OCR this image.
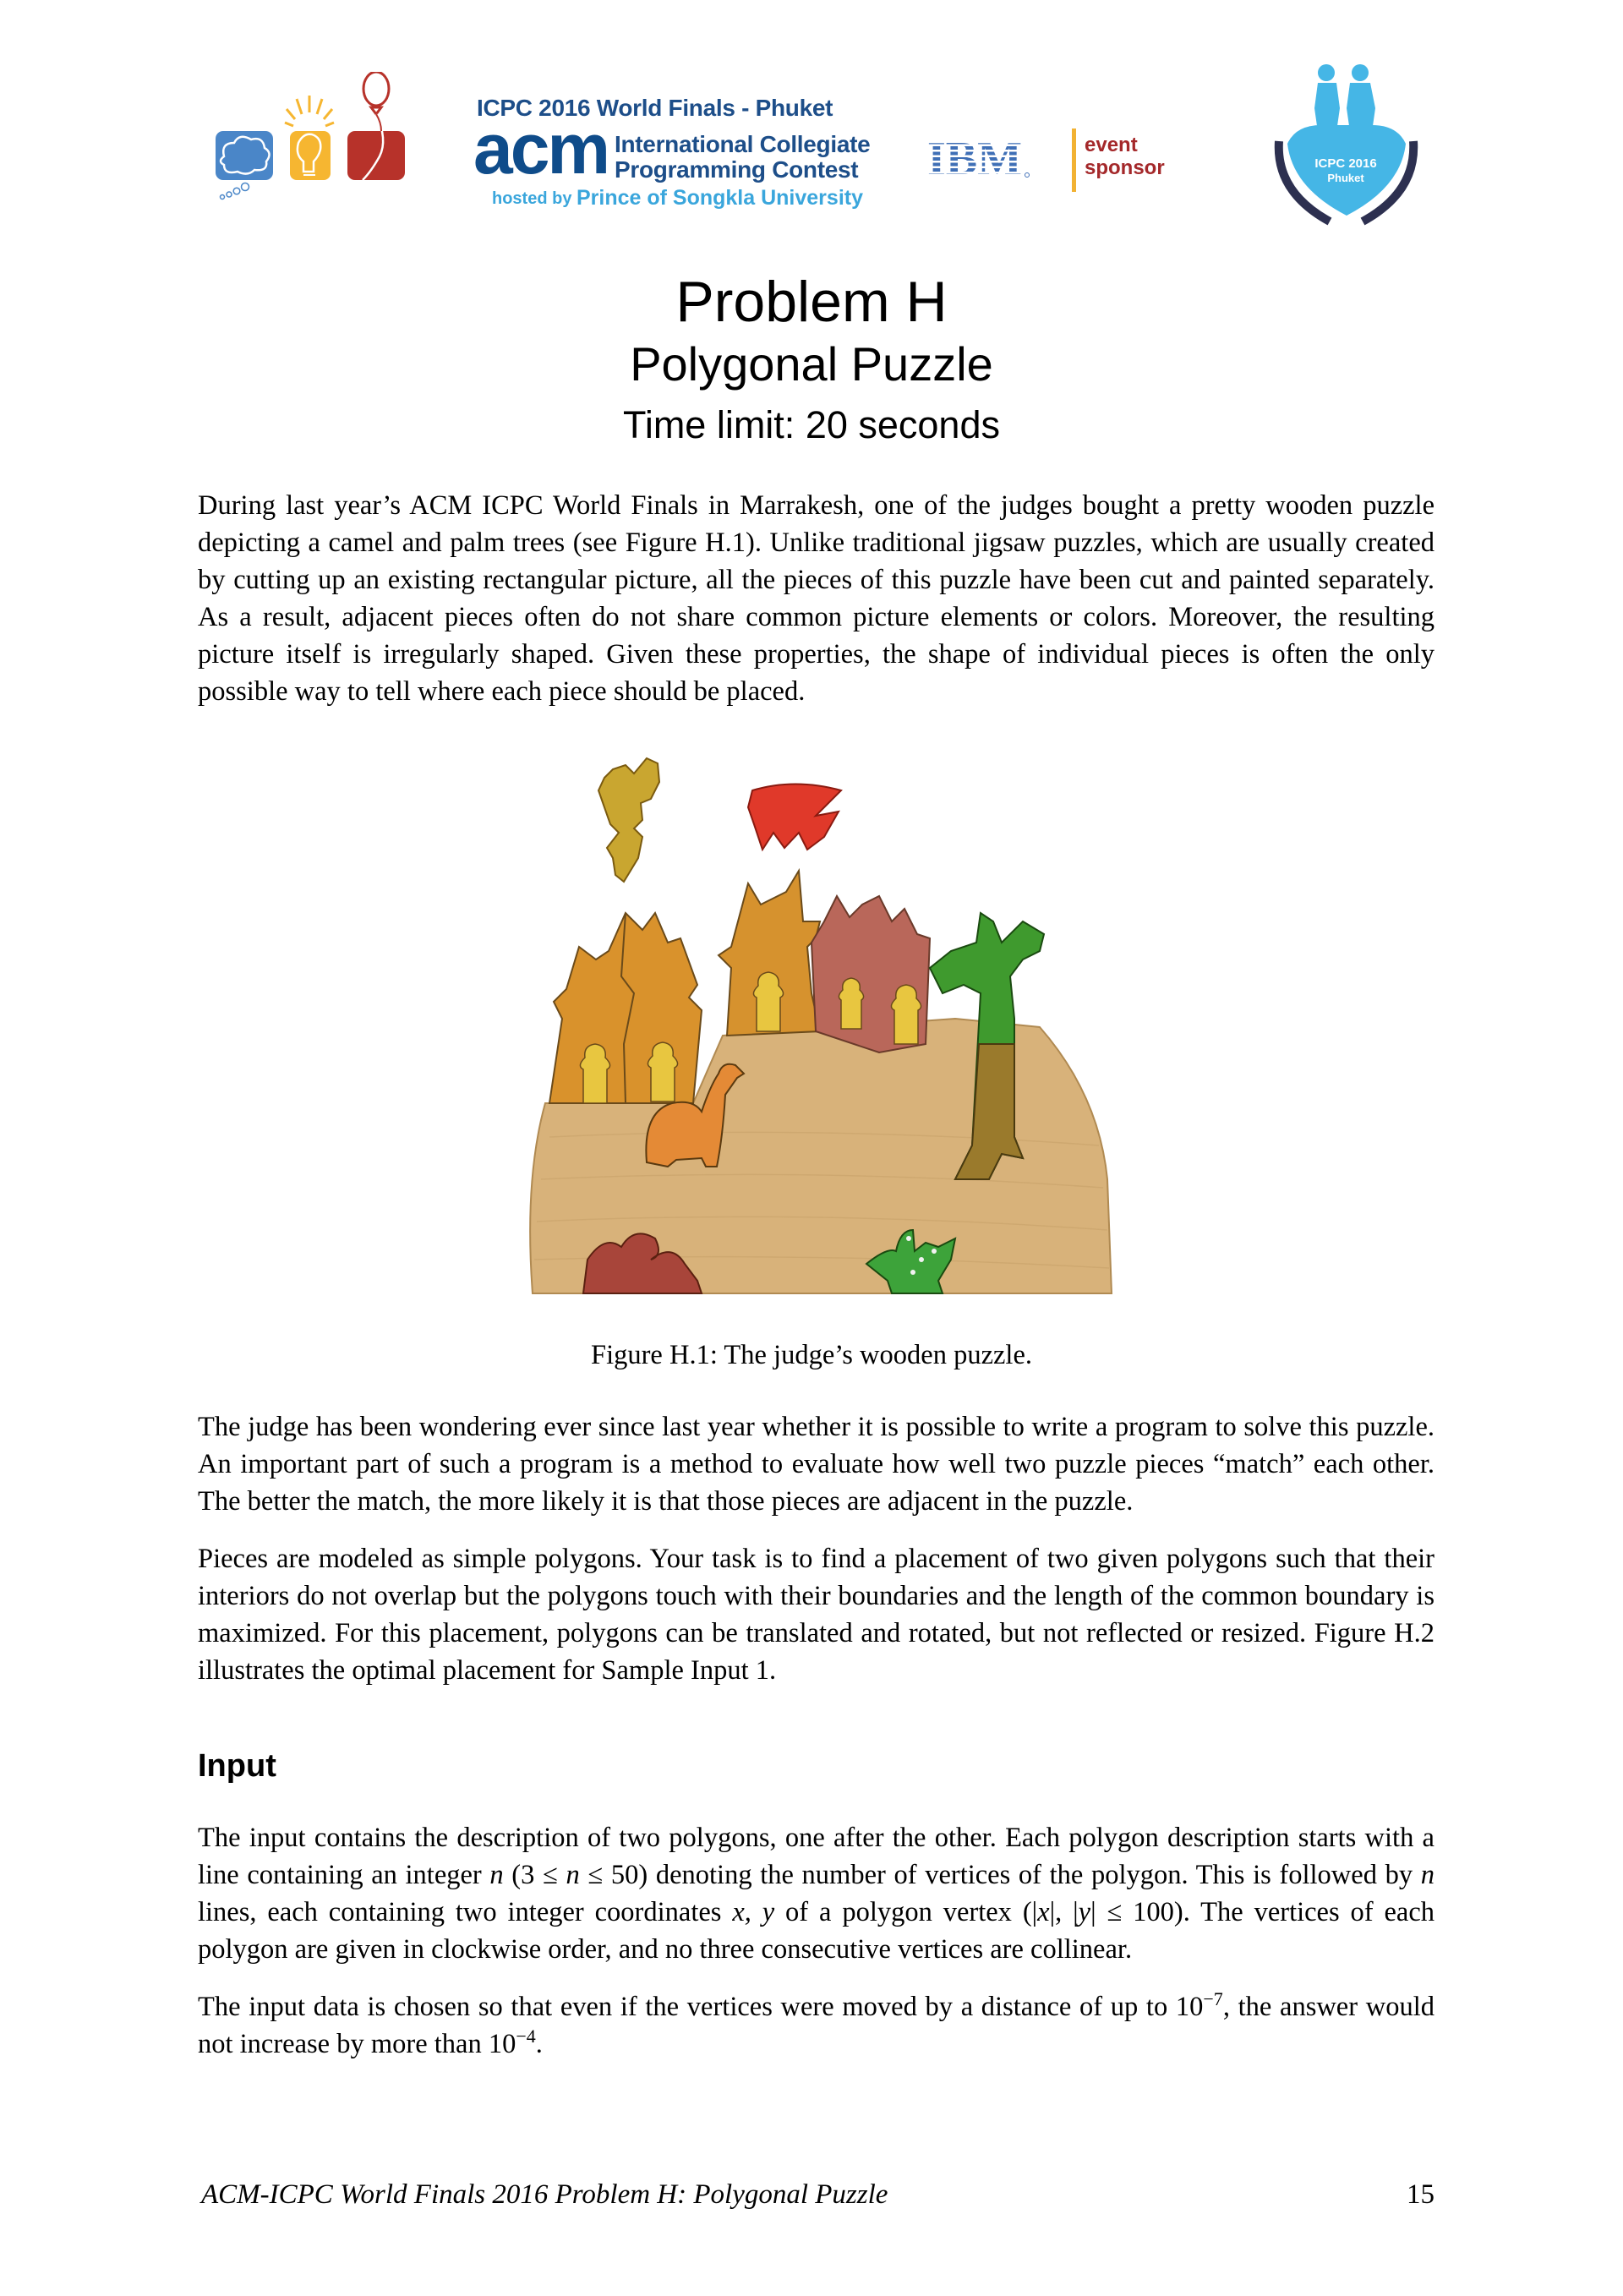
ICPC 2016 World Finals - Phuket
acm International Collegiate
Programming Contest
hosted by Prince of Songkla University
IBM	event
sponsor	ICPC 2016
Phuket
Problem H
Polygonal Puzzle
Time limit: 20 seconds

During last year’s ACM ICPC World Finals in Marrakesh, one of the judges bought a pretty wooden puzzle depicting a camel and palm trees (see Figure H.1). Unlike traditional jigsaw puzzles, which are usually created by cutting up an existing rectangular picture, all the pieces of this puzzle have been cut and painted separately. As a result, adjacent pieces often do not share common picture elements or colors. Moreover, the resulting picture itself is irregularly shaped. Given these properties, the shape of individual pieces is often the only possible way to tell where each piece should be placed.

Figure H.1: The judge’s wooden puzzle.

The judge has been wondering ever since last year whether it is possible to write a program to solve this puzzle. An important part of such a program is a method to evaluate how well two puzzle pieces “match” each other. The better the match, the more likely it is that those pieces are adjacent in the puzzle.

Pieces are modeled as simple polygons. Your task is to find a placement of two given polygons such that their interiors do not overlap but the polygons touch with their boundaries and the length of the common boundary is maximized. For this placement, polygons can be translated and rotated, but not reflected or resized. Figure H.2 illustrates the optimal placement for Sample Input 1.

Input

The input contains the description of two polygons, one after the other. Each polygon description starts with a line containing an integer n (3 ≤ n ≤ 50) denoting the number of vertices of the polygon. This is followed by n lines, each containing two integer coordinates x, y of a polygon vertex (|x|, |y| ≤ 100). The vertices of each polygon are given in clockwise order, and no three consecutive vertices are collinear.

The input data is chosen so that even if the vertices were moved by a distance of up to $10^{-7}$, the answer would not increase by more than $10^{-4}$.

ACM-ICPC World Finals 2016 Problem H: Polygonal Puzzle	15
